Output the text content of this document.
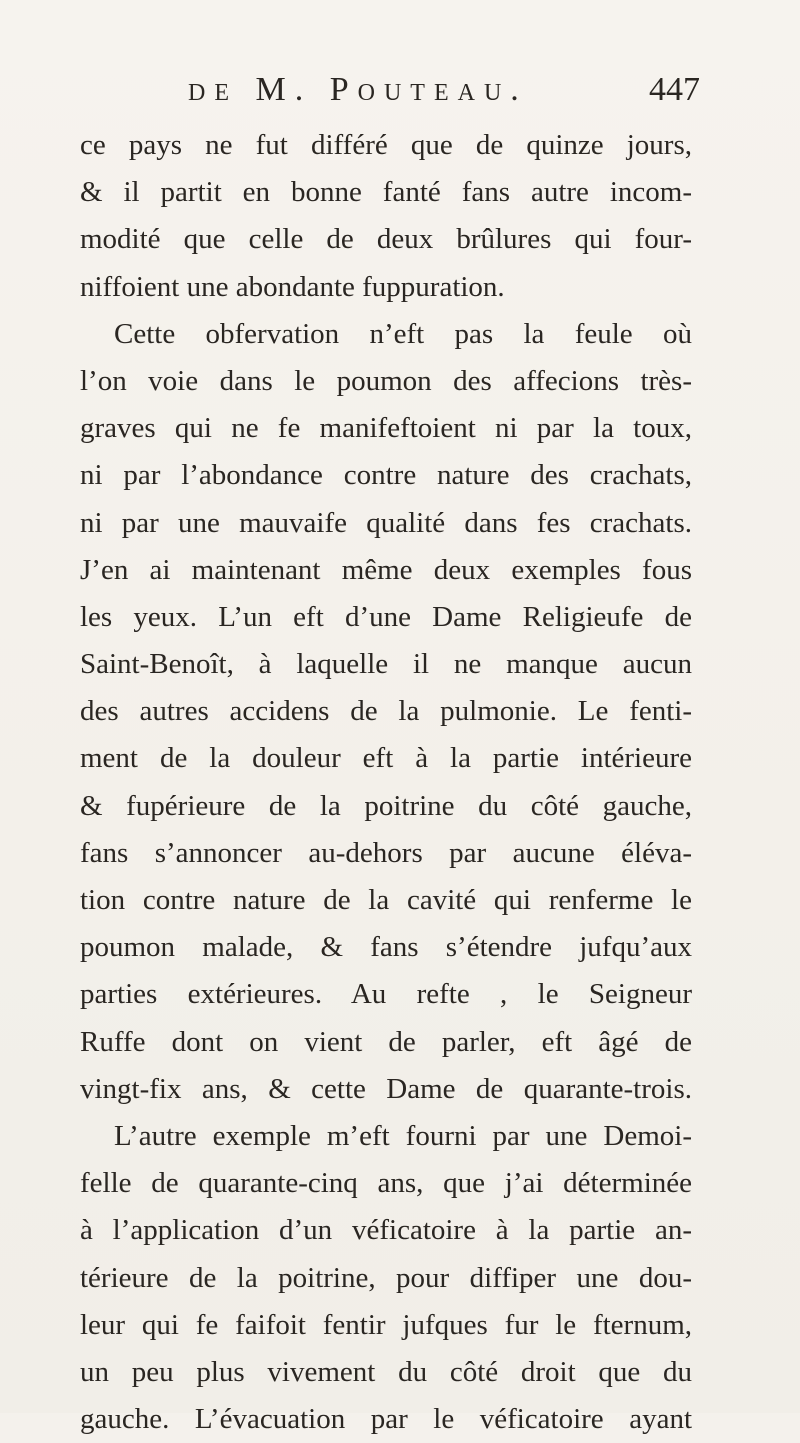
de M. Pouteau.	447
ce pays ne fut différé que de quinze jours,
& il partit en bonne fanté fans autre incom-
modité que celle de deux brûlures qui four-
niffoient une abondante fuppuration.
Cette obfervation n’eft pas la feule où
l’on voie dans le poumon des affecions très-
graves qui ne fe manifeftoient ni par la toux,
ni par l’abondance contre nature des crachats,
ni par une mauvaife qualité dans fes crachats.
J’en ai maintenant même deux exemples fous
les yeux. L’un eft d’une Dame Religieufe de
Saint-Benoît, à laquelle il ne manque aucun
des autres accidens de la pulmonie. Le fenti-
ment de la douleur eft à la partie intérieure
& fupérieure de la poitrine du côté gauche,
fans s’annoncer au-dehors par aucune éléva-
tion contre nature de la cavité qui renferme le
poumon malade, & fans s’étendre jufqu’aux
parties extérieures. Au refte , le Seigneur
Ruffe dont on vient de parler, eft âgé de
vingt-fix ans, & cette Dame de quarante-trois.
L’autre exemple m’eft fourni par une Demoi-
felle de quarante-cinq ans, que j’ai déterminée
à l’application d’un véficatoire à la partie an-
térieure de la poitrine, pour diffiper une dou-
leur qui fe faifoit fentir jufques fur le fternum,
un peu plus vivement du côté droit que du
gauche. L’évacuation par le véficatoire ayant
